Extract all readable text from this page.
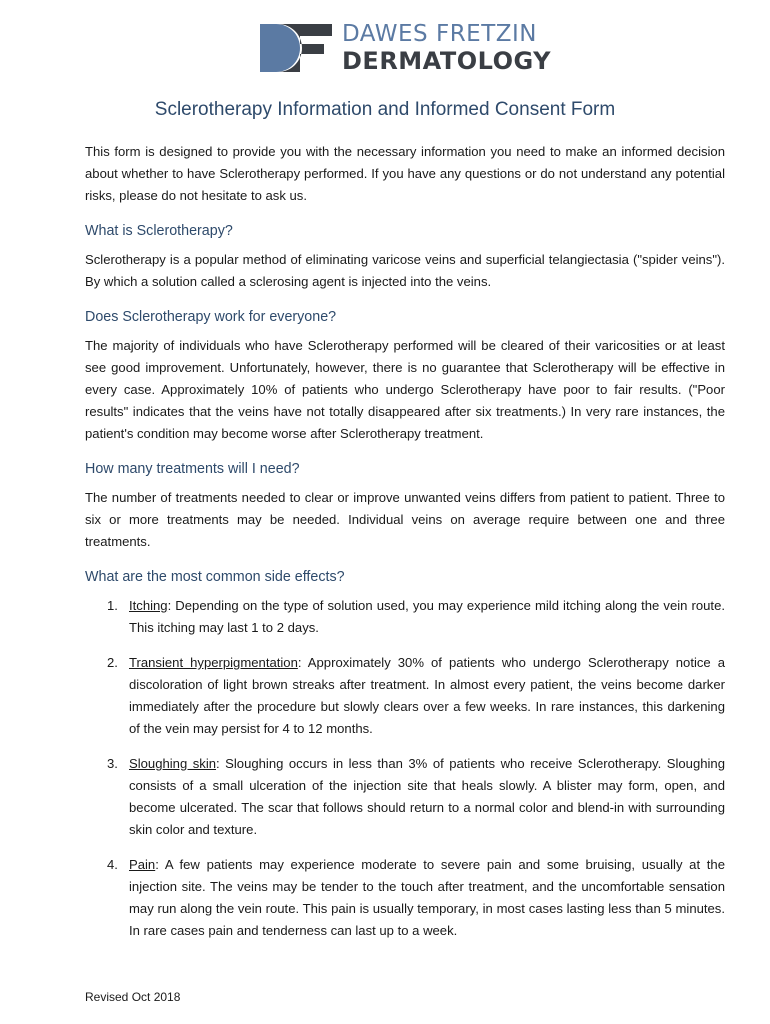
DAWES FRETZIN
DERMATOLOGY
Sclerotherapy Information and Informed Consent Form

This form is designed to provide you with the necessary information you need to make an informed decision about whether to have Sclerotherapy performed. If you have any questions or do not understand any potential risks, please do not hesitate to ask us.

What is Sclerotherapy?

Sclerotherapy is a popular method of eliminating varicose veins and superficial telangiectasia ("spider veins"). By which a solution called a sclerosing agent is injected into the veins.

Does Sclerotherapy work for everyone?

The majority of individuals who have Sclerotherapy performed will be cleared of their varicosities or at least see good improvement. Unfortunately, however, there is no guarantee that Sclerotherapy will be effective in every case. Approximately 10% of patients who undergo Sclerotherapy have poor to fair results. ("Poor results" indicates that the veins have not totally disappeared after six treatments.) In very rare instances, the patient's condition may become worse after Sclerotherapy treatment.

How many treatments will I need?

The number of treatments needed to clear or improve unwanted veins differs from patient to patient. Three to six or more treatments may be needed. Individual veins on average require between one and three treatments.

What are the most common side effects?
1. Itching: Depending on the type of solution used, you may experience mild itching along the vein route. This itching may last 1 to 2 days.
2. Transient hyperpigmentation: Approximately 30% of patients who undergo Sclerotherapy notice a discoloration of light brown streaks after treatment. In almost every patient, the veins become darker immediately after the procedure but slowly clears over a few weeks. In rare instances, this darkening of the vein may persist for 4 to 12 months.
3. Sloughing skin: Sloughing occurs in less than 3% of patients who receive Sclerotherapy. Sloughing consists of a small ulceration of the injection site that heals slowly. A blister may form, open, and become ulcerated. The scar that follows should return to a normal color and blend-in with surrounding skin color and texture.
4. Pain: A few patients may experience moderate to severe pain and some bruising, usually at the injection site. The veins may be tender to the touch after treatment, and the uncomfortable sensation may run along the vein route. This pain is usually temporary, in most cases lasting less than 5 minutes. In rare cases pain and tenderness can last up to a week.
Revised Oct 2018
